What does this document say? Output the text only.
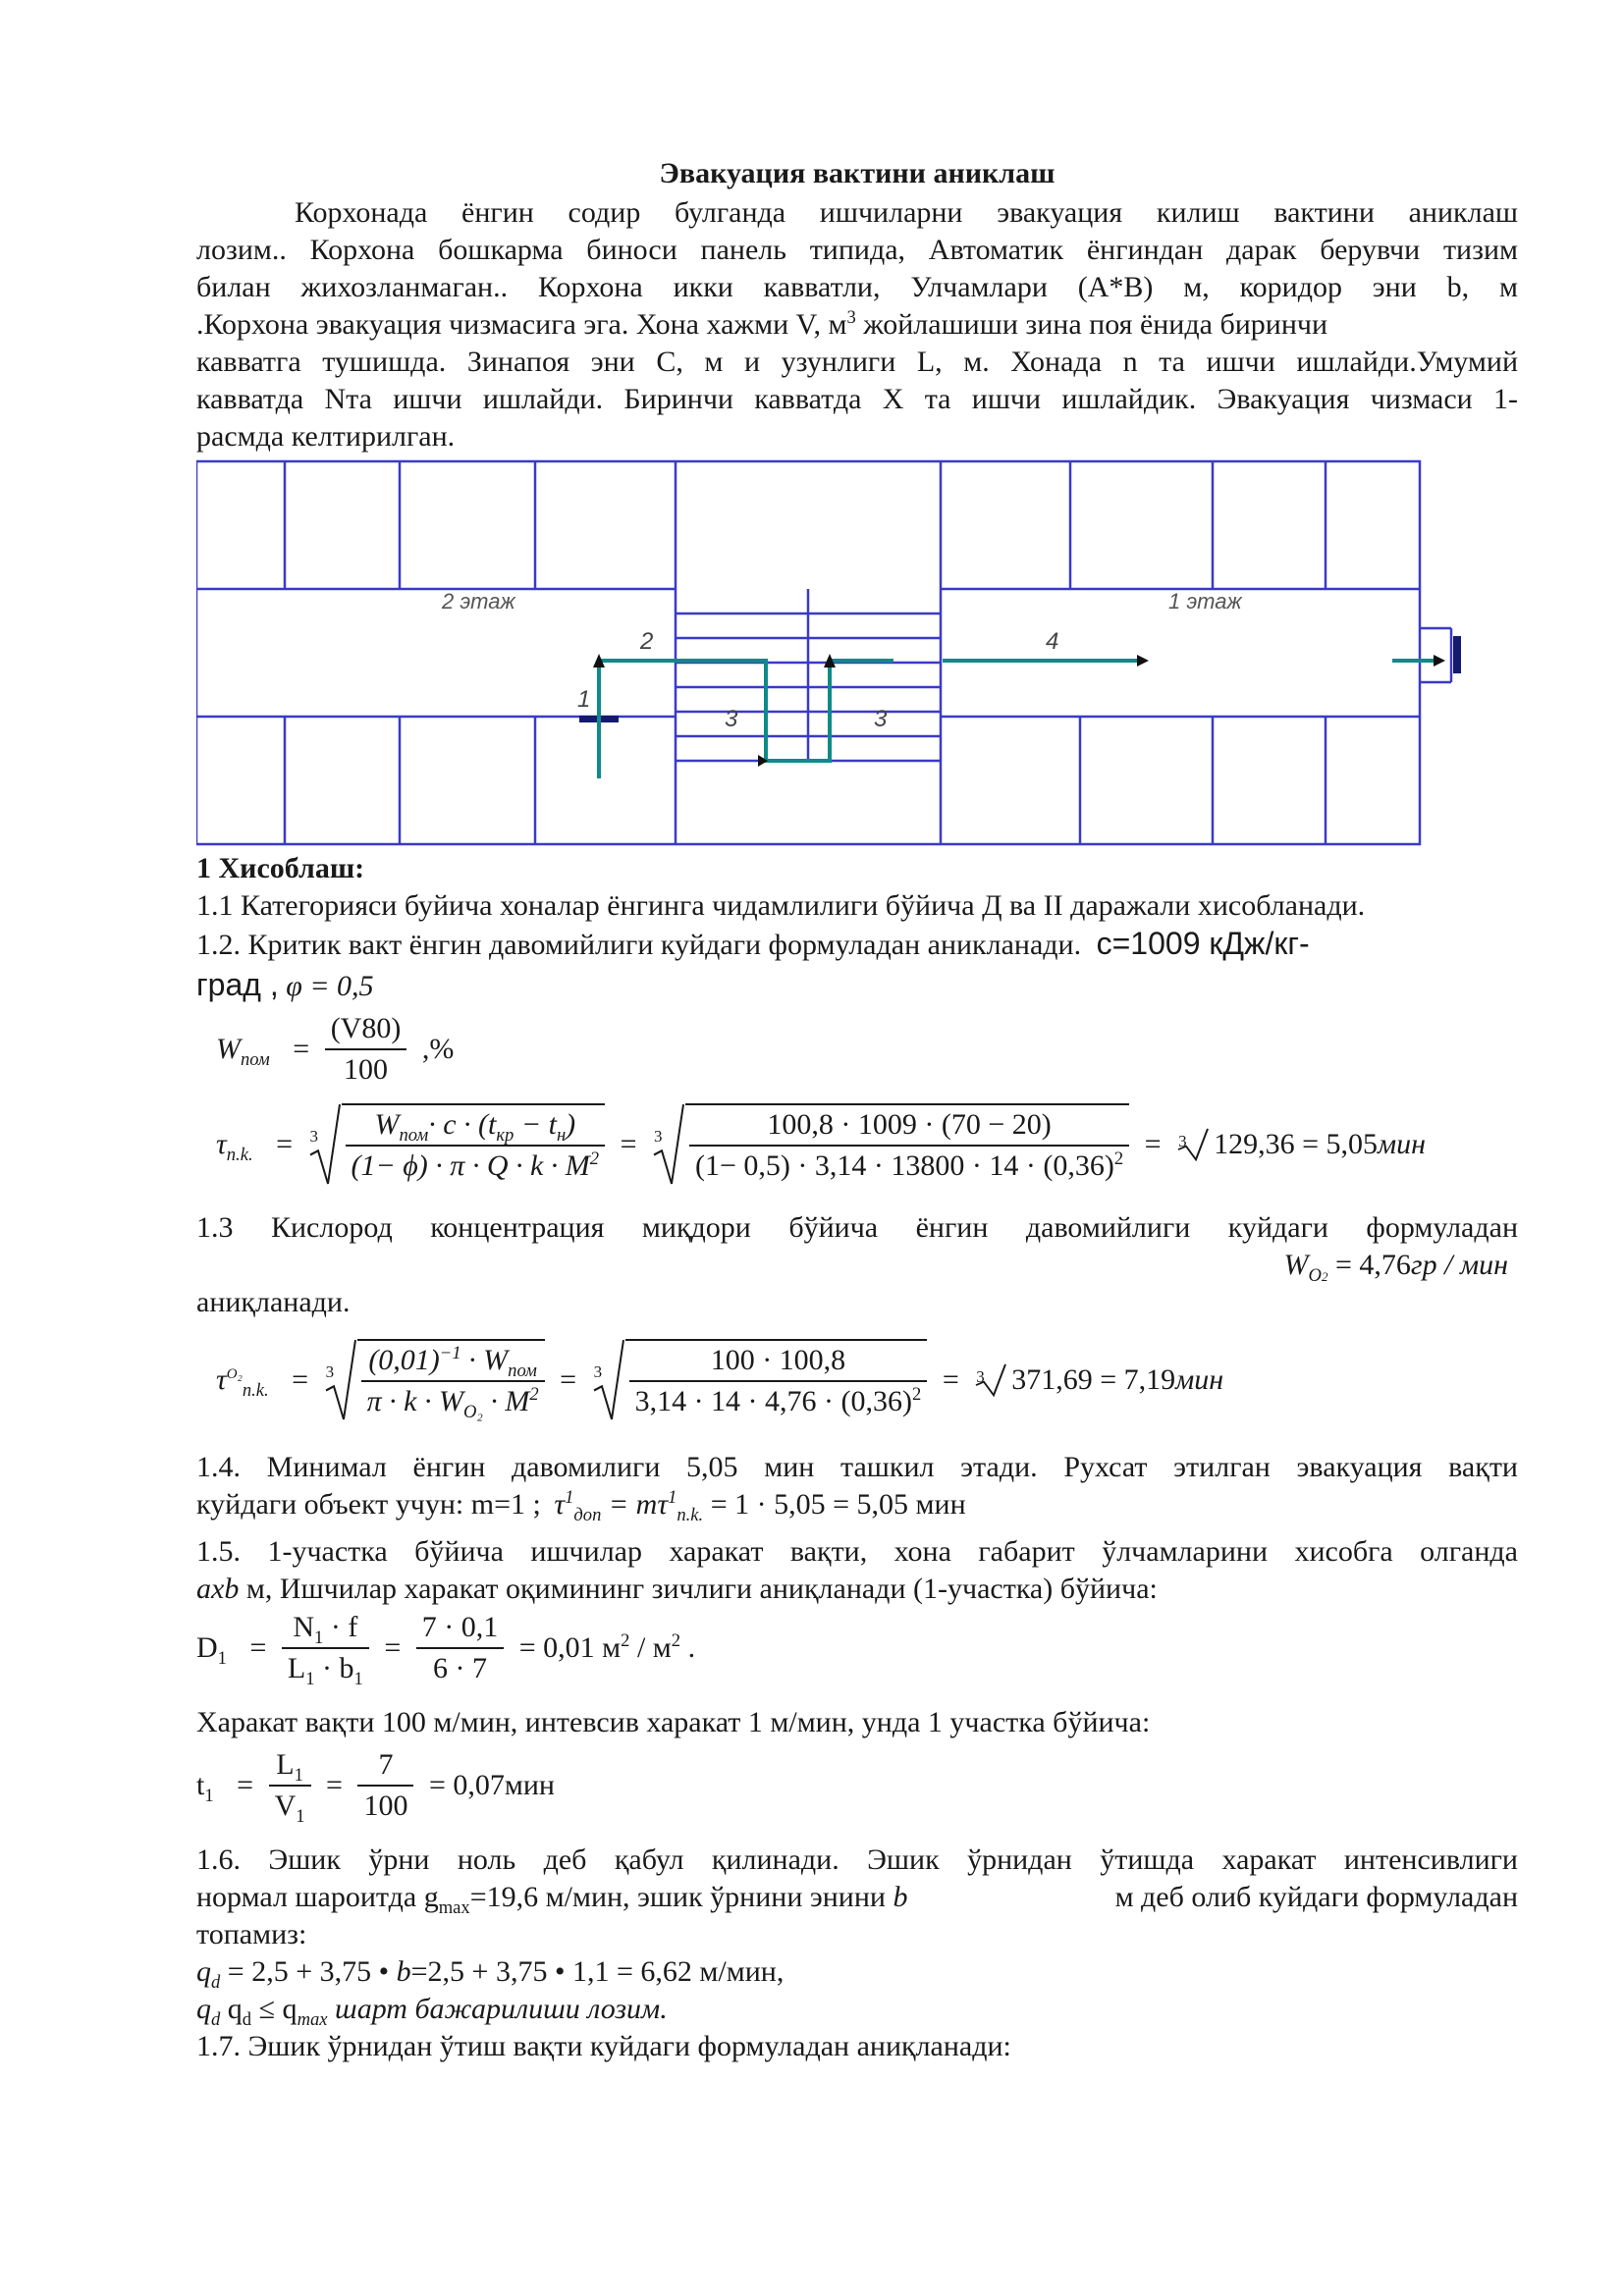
Эвакуация вактини аниклаш
Корхонада ёнгин содир булганда ишчиларни эвакуация килиш вактини аниклаш
лозим.. Корхона бошкарма биноси панель типида, Автоматик ёнгиндан дарак берувчи тизим
билан жихозланмаган.. Корхона икки кавватли, Улчамлари (А*В) м, коридор эни b, м
.Корхона эвакуация чизмасига эга. Хона хажми V, $м^3$ жойлашиши зина поя ёнида биринчи
кавватга тушишда. Зинапоя эни С, м и узунлиги L, м. Хонада n та ишчи ишлайди.Умумий
кавватда Nта ишчи ишлайди. Биринчи кавватда X та ишчи ишлайдик. Эвакуация чизмаси 1-
расмда келтирилган.
2 этаж	1 этаж
1
2
3	3
4
1 Хисоблаш:
1.1 Категорияси буйича хоналар ёнгинга чидамлилиги бўйича Д ва II даражали хисобланади.
1.2. Критик вакт ёнгин давомийлиги куйдаги формуладан аникланади. c=1009 кДж/кг-
град , φ = 0,5
$W_{пом} = \frac{(V⁠80)}{100}$ ,%
$\tau_{n.k.} = 3 \frac{W_{пом}\cdot c \cdot (t_{кр} - t_н)}{(1- \phi) \cdot \pi \cdot Q \cdot k \cdot M^2} = 3 \frac{100,8 \cdot 1009 \cdot (70 - 20)}{(1- 0,5) \cdot 3,14 \cdot 13800 \cdot 14 \cdot (0,36)^2} = 3$ 129,36 = 5,05мин
1.3 Кислород концентрация миқдори бўйича ёнгин давомийлиги куйдаги формуладан
$W_{O2} = 4,76гр$ / мин
аниқланади.
$\tau^{O_2}_{n.k.} = 3 \frac{(0,01)^{-1} \cdot W_{пом}}{\pi \cdot k \cdot W_{O_2} \cdot M^2} = 3 \frac{100 \cdot 100,8}{3,14 \cdot 14 \cdot 4,76 \cdot (0,36)^2} = 3$ 371,69 = 7,19мин
1.4. Минимал ёнгин давомилиги 5,05 мин ташкил этади. Рухсат этилган эвакуация вақти
куйдаги объект учун: m=1 ; $\tau^1_{доп}$ = $m⁠\tau^1_{n.k.} = 1 \cdot 5,05 = 5,05$ мин
1.5. 1-участка бўйича ишчилар харакат вақти, хона габарит ўлчамларини хисобга олганда
axb м, Ишчилар харакат оқимининг зичлиги аниқланади (1-участка) бўйича:
$D_1 = \frac{N_1 \cdot f}{L_1 \cdot b_1} = \frac{7 \cdot 0,1}{6 \cdot 7} = 0,01$ $м^2 / м^2$ .
Харакат вақти 100 м/мин, интевсив харакат 1 м/мин, унда 1 участка бўйича:
$t_1 = \frac{L_1}{V_1} = \frac{7}{100} = 0,07мин$
1.6. Эшик ўрни ноль деб қабул қилинади. Эшик ўрнидан ўтишда харакат интенсивлиги
нормал шароитда $g_{max}=19,6$ м/мин, эшик ўрнини энини b	м деб олиб куйдаги формуладан
топамиз:
$q_d = 2,5 + 3,75$ • b=2,5 + 3,75 • 1,1 = 6,62 м/мин,
$q_d$ $q_d \le q_{max}$ шарт бажарилиши лозим.
1.7. Эшик ўрнидан ўтиш вақти куйдаги формуладан аниқланади:
